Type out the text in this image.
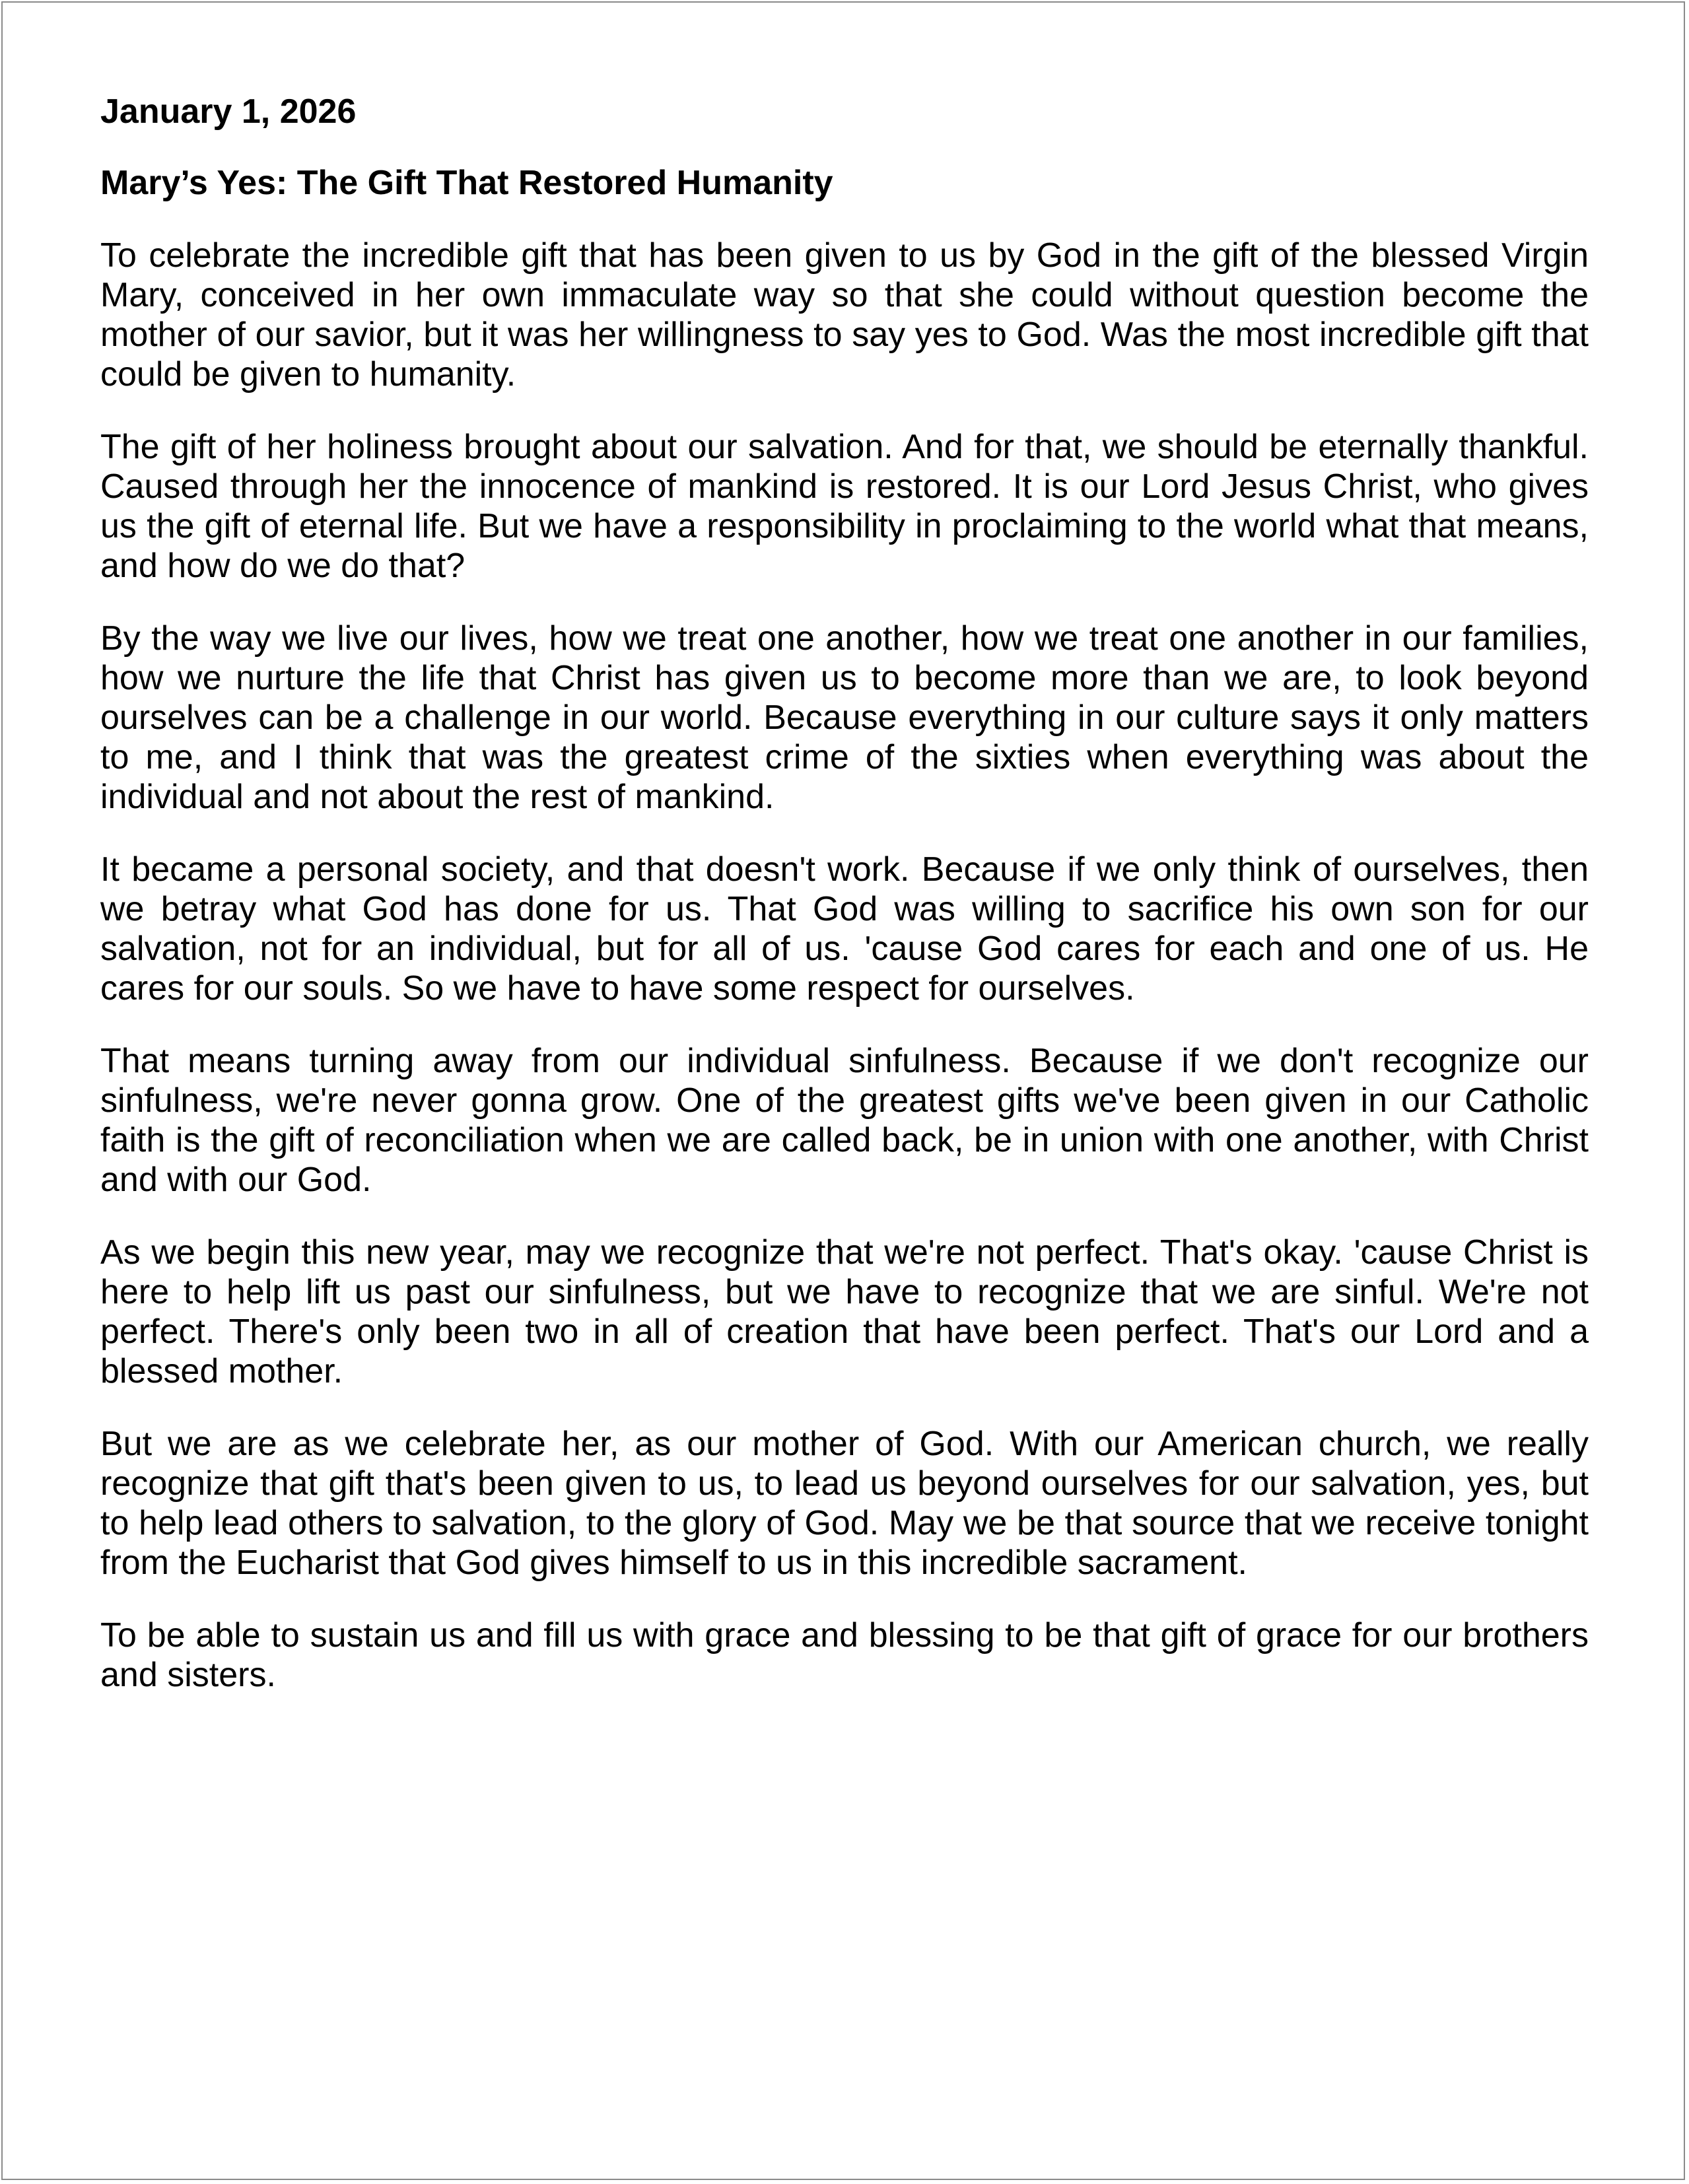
January 1, 2026

Mary’s Yes: The Gift That Restored Humanity

To celebrate the incredible gift that has been given to us by God in the gift of the blessed Virgin Mary, conceived in her own immaculate way so that she could without question become the mother of our savior, but it was her willingness to say yes to God. Was the most incredible gift that could be given to humanity.

The gift of her holiness brought about our salvation. And for that, we should be eternally thankful. Caused through her the innocence of mankind is restored. It is our Lord Jesus Christ, who gives us the gift of eternal life. But we have a responsibility in proclaiming to the world what that means, and how do we do that?

By the way we live our lives, how we treat one another, how we treat one another in our families, how we nurture the life that Christ has given us to become more than we are, to look beyond ourselves can be a challenge in our world. Because everything in our culture says it only matters to me, and I think that was the greatest crime of the sixties when everything was about the individual and not about the rest of mankind.

It became a personal society, and that doesn't work. Because if we only think of ourselves, then we betray what God has done for us. That God was willing to sacrifice his own son for our salvation, not for an individual, but for all of us. 'cause God cares for each and one of us. He cares for our souls. So we have to have some respect for ourselves.

That means turning away from our individual sinfulness. Because if we don't recognize our sinfulness, we're never gonna grow. One of the greatest gifts we've been given in our Catholic faith is the gift of reconciliation when we are called back, be in union with one another, with Christ and with our God.

As we begin this new year, may we recognize that we're not perfect. That's okay. 'cause Christ is here to help lift us past our sinfulness, but we have to recognize that we are sinful. We're not perfect. There's only been two in all of creation that have been perfect. That's our Lord and a blessed mother.

But we are as we celebrate her, as our mother of God. With our American church, we really recognize that gift that's been given to us, to lead us beyond ourselves for our salvation, yes, but to help lead others to salvation, to the glory of God. May we be that source that we receive tonight from the Eucharist that God gives himself to us in this incredible sacrament.

To be able to sustain us and fill us with grace and blessing to be that gift of grace for our brothers and sisters.
